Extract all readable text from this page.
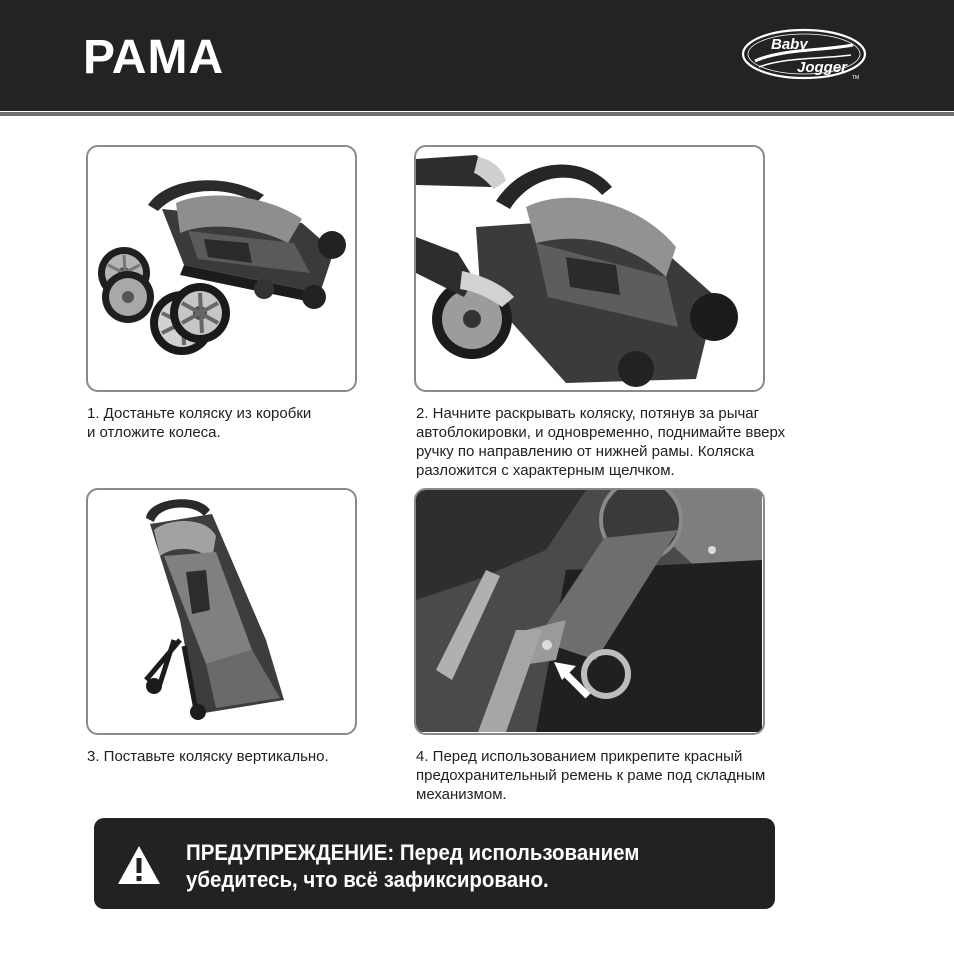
РАМА	Baby
Jogger
TM
1. Достаньте коляску из коробки
и отложите колеса.
2. Начните раскрывать коляску, потянув за рычаг
автоблокировки, и одновременно, поднимайте вверх
ручку по направлению от нижней рамы. Коляска
разложится с характерным щелчком.
3. Поставьте коляску вертикально.	4. Перед использованием прикрепите красный
предохранительный ремень к раме под складным
механизмом.
ПРЕДУПРЕЖДЕНИЕ: Перед использованием
убедитесь, что всё зафиксировано.
